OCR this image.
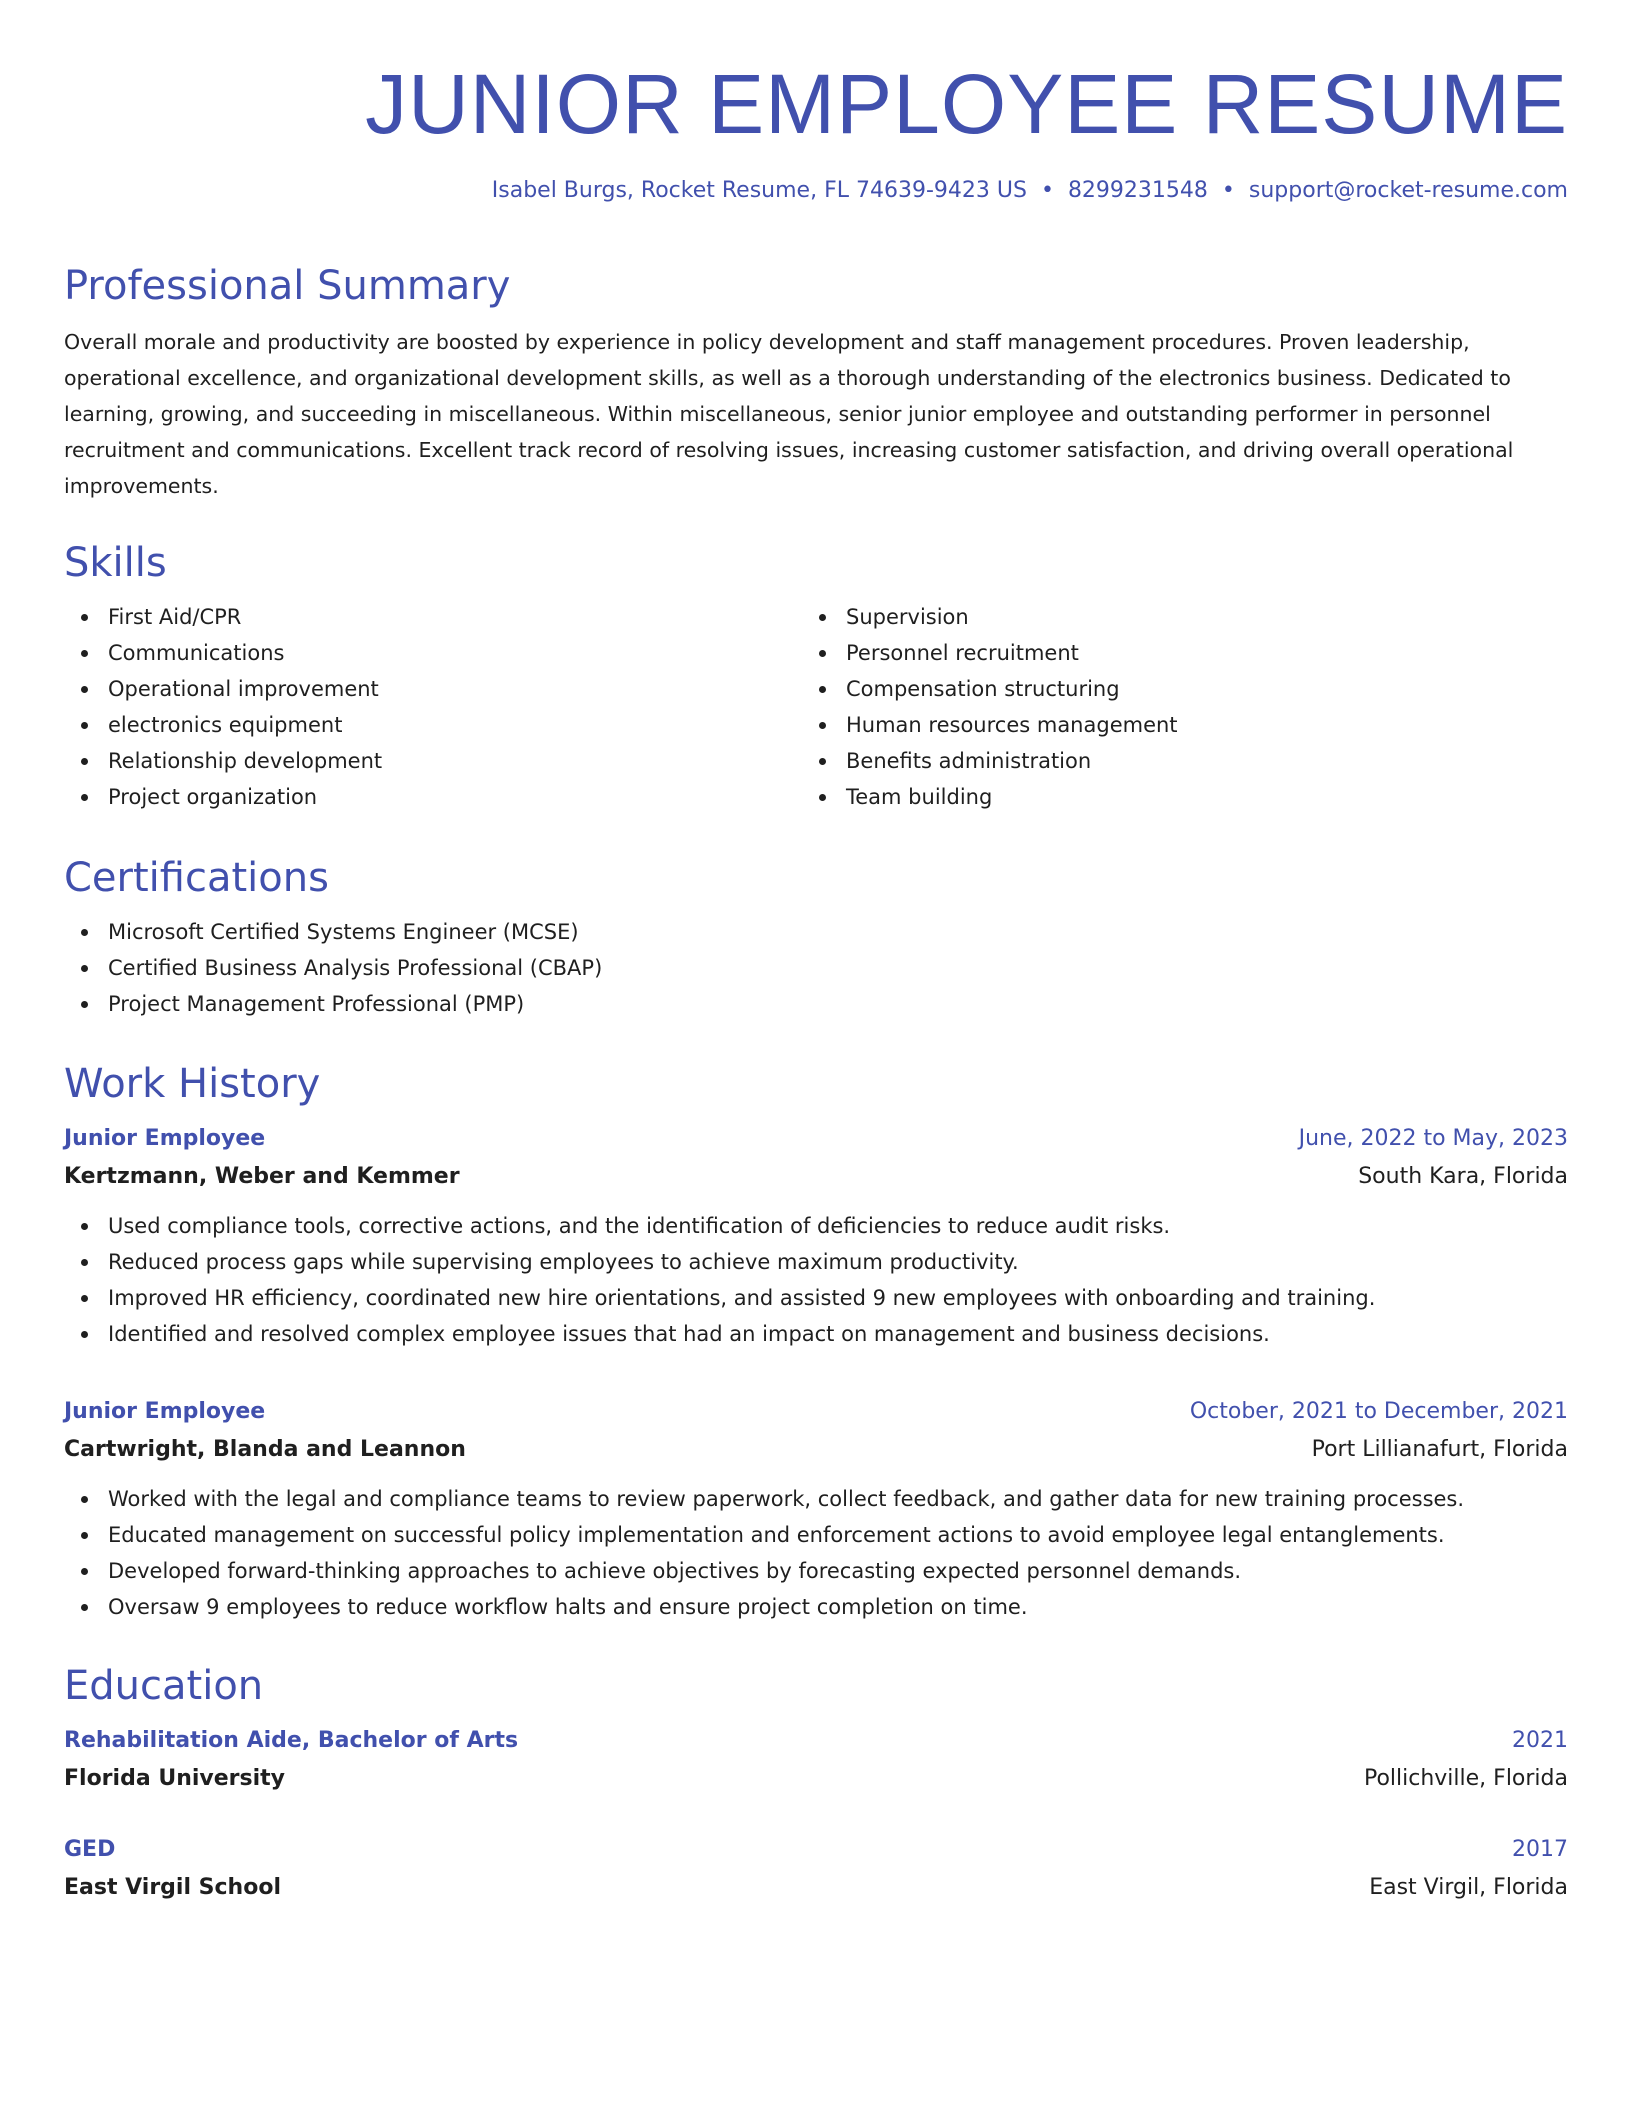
JUNIOR EMPLOYEE RESUME
Isabel Burgs, Rocket Resume, FL 74639-9423 US • 8299231548 • support@rocket-resume.com
Professional Summary

Overall morale and productivity are boosted by experience in policy development and staff management procedures. Proven leadership, operational excellence, and organizational development skills, as well as a thorough understanding of the electronics business. Dedicated to learning, growing, and succeeding in miscellaneous. Within miscellaneous, senior junior employee and outstanding performer in personnel recruitment and communications. Excellent track record of resolving issues, increasing customer satisfaction, and driving overall operational improvements.

Skills
First Aid/CPR
Communications
Operational improvement
electronics equipment
Relationship development
Project organization
Supervision
Personnel recruitment
Compensation structuring
Human resources management
Benefits administration
Team building
Certifications
Microsoft Certified Systems Engineer (MCSE)
Certified Business Analysis Professional (CBAP)
Project Management Professional (PMP)
Work History
Junior Employee	June, 2022 to May, 2023
Kertzmann, Weber and Kemmer	South Kara, Florida
Used compliance tools, corrective actions, and the identification of deficiencies to reduce audit risks.
Reduced process gaps while supervising employees to achieve maximum productivity.
Improved HR efficiency, coordinated new hire orientations, and assisted 9 new employees with onboarding and training.
Identified and resolved complex employee issues that had an impact on management and business decisions.
Junior Employee	October, 2021 to December, 2021
Cartwright, Blanda and Leannon	Port Lillianafurt, Florida
Worked with the legal and compliance teams to review paperwork, collect feedback, and gather data for new training processes.
Educated management on successful policy implementation and enforcement actions to avoid employee legal entanglements.
Developed forward-thinking approaches to achieve objectives by forecasting expected personnel demands.
Oversaw 9 employees to reduce workflow halts and ensure project completion on time.
Education
Rehabilitation Aide, Bachelor of Arts	2021
Florida University	Pollichville, Florida
GED	2017
East Virgil School	East Virgil, Florida
